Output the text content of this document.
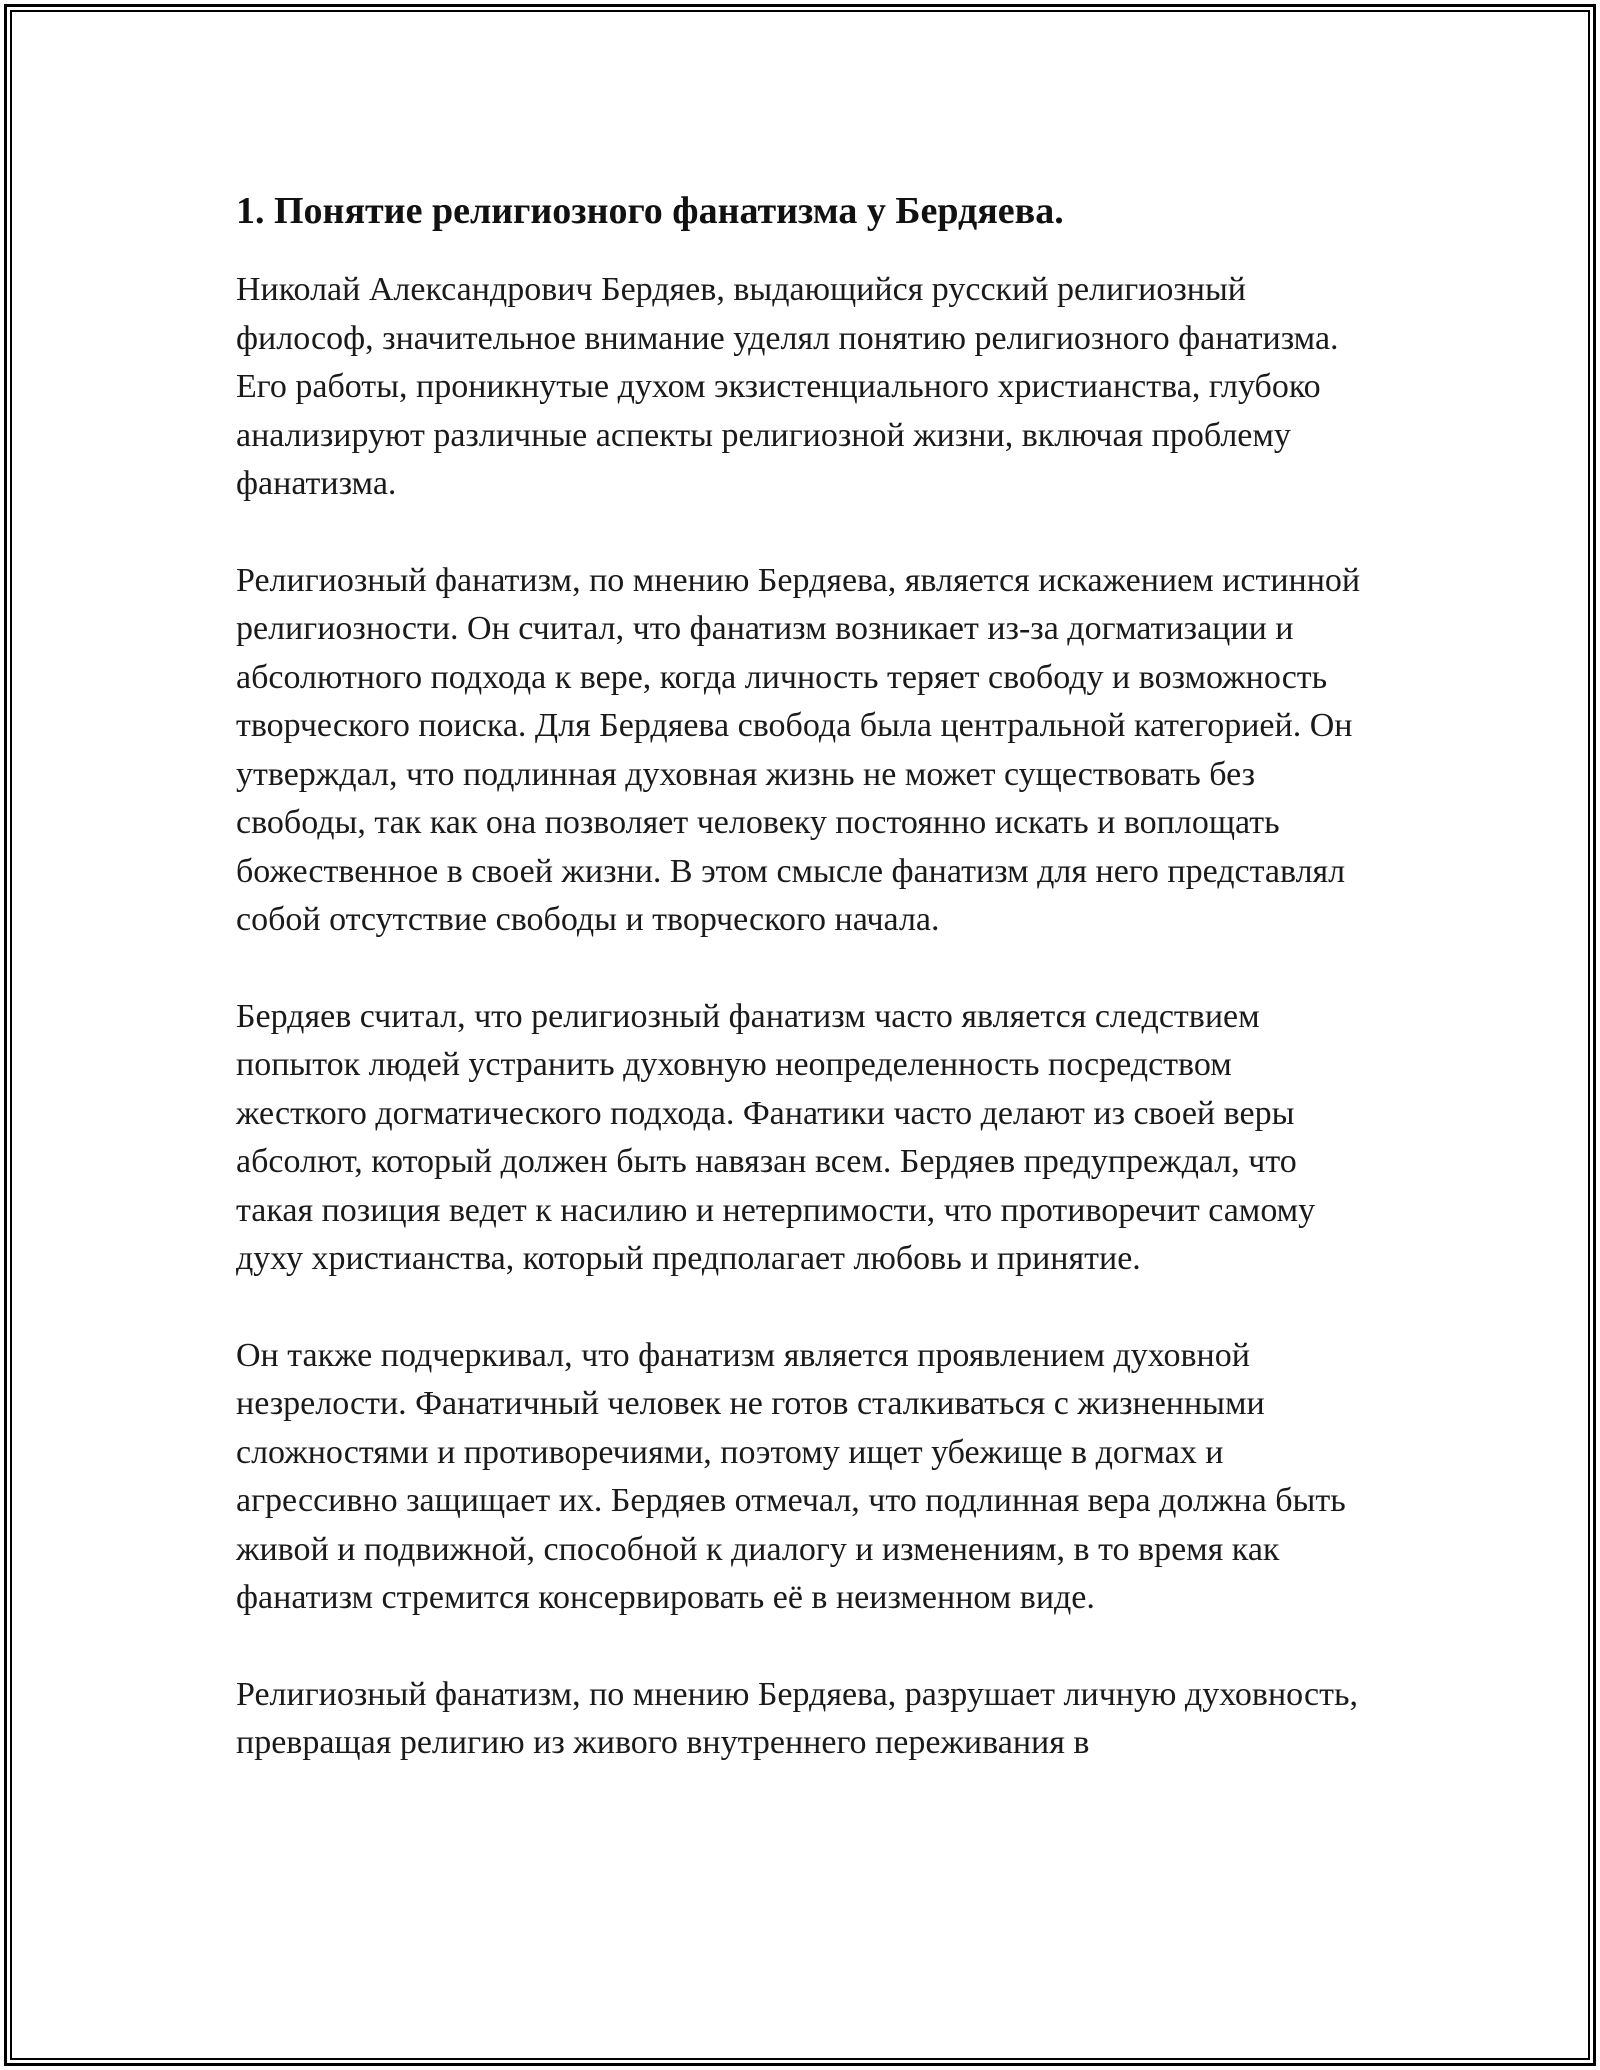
1. Понятие религиозного фанатизма у Бердяева.

Николай Александрович Бердяев, выдающийся русский религиозный философ, значительное внимание уделял понятию религиозного фанатизма. Его работы, проникнутые духом экзистенциального христианства, глубоко анализируют различные аспекты религиозной жизни, включая проблему фанатизма.

Религиозный фанатизм, по мнению Бердяева, является искажением истинной религиозности. Он считал, что фанатизм возникает из-за догматизации и абсолютного подхода к вере, когда личность теряет свободу и возможность творческого поиска. Для Бердяева свобода была центральной категорией. Он утверждал, что подлинная духовная жизнь не может существовать без свободы, так как она позволяет человеку постоянно искать и воплощать божественное в своей жизни. В этом смысле фанатизм для него представлял собой отсутствие свободы и творческого начала.

Бердяев считал, что религиозный фанатизм часто является следствием попыток людей устранить духовную неопределенность посредством жесткого догматического подхода. Фанатики часто делают из своей веры абсолют, который должен быть навязан всем. Бердяев предупреждал, что такая позиция ведет к насилию и нетерпимости, что противоречит самому духу христианства, который предполагает любовь и принятие.

Он также подчеркивал, что фанатизм является проявлением духовной незрелости. Фанатичный человек не готов сталкиваться с жизненными сложностями и противоречиями, поэтому ищет убежище в догмах и агрессивно защищает их. Бердяев отмечал, что подлинная вера должна быть живой и подвижной, способной к диалогу и изменениям, в то время как фанатизм стремится консервировать её в неизменном виде.

Религиозный фанатизм, по мнению Бердяева, разрушает личную духовность, превращая религию из живого внутреннего переживания в
